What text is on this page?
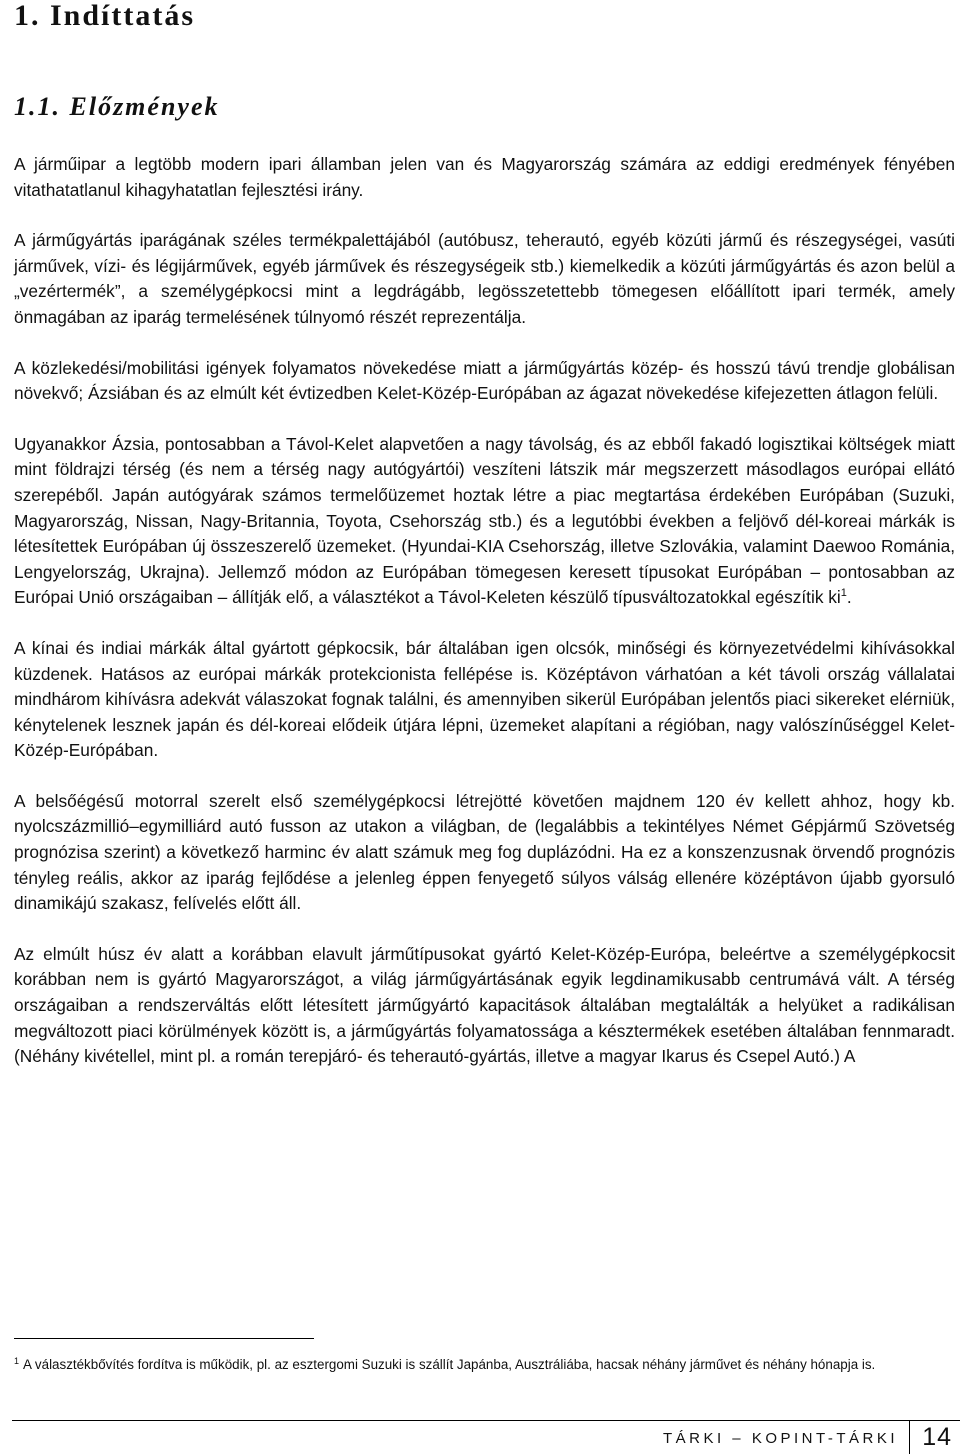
1. Indíttatás
1.1. Előzmények

A járműipar a legtöbb modern ipari államban jelen van és Magyarország számára az eddigi eredmények fényében vitathatatlanul kihagyhatatlan fejlesztési irány.

A járműgyártás iparágának széles termékpalettájából (autóbusz, teherautó, egyéb közúti jármű és részegységei, vasúti járművek, vízi- és légijárművek, egyéb járművek és részegységeik stb.) kiemelkedik a közúti járműgyártás és azon belül a „vezértermék”, a személygépkocsi mint a legdrágább, legösszetettebb tömegesen előállított ipari termék, amely önmagában az iparág termelésének túlnyomó részét reprezentálja.

A közlekedési/mobilitási igények folyamatos növekedése miatt a járműgyártás közép- és hosszú távú trendje globálisan növekvő; Ázsiában és az elmúlt két évtizedben Kelet-Közép-Európában az ágazat növekedése kifejezetten átlagon felüli.

Ugyanakkor Ázsia, pontosabban a Távol-Kelet alapvetően a nagy távolság, és az ebből fakadó logisztikai költségek miatt mint földrajzi térség (és nem a térség nagy autógyártói) veszíteni látszik már megszerzett másodlagos európai ellátó szerepéből. Japán autógyárak számos termelőüzemet hoztak létre a piac megtartása érdekében Európában (Suzuki, Magyarország, Nissan, Nagy-Britannia, Toyota, Csehország stb.) és a legutóbbi években a feljövő dél-koreai márkák is létesítettek Európában új összeszerelő üzemeket. (Hyundai-KIA Csehország, illetve Szlovákia, valamint Daewoo Románia, Lengyelország, Ukrajna). Jellemző módon az Európában tömegesen keresett típusokat Európában – pontosabban az Európai Unió országaiban – állítják elő, a választékot a Távol-Keleten készülő típusváltozatokkal egészítik $ki^1$.

A kínai és indiai márkák által gyártott gépkocsik, bár általában igen olcsók, minőségi és környezetvédelmi kihívásokkal küzdenek. Hatásos az európai márkák protekcionista fellépése is. Középtávon várhatóan a két távoli ország vállalatai mindhárom kihívásra adekvát válaszokat fognak találni, és amennyiben sikerül Európában jelentős piaci sikereket elérniük, kénytelenek lesznek japán és dél-koreai elődeik útjára lépni, üzemeket alapítani a régióban, nagy valószínűséggel Kelet-Közép-Európában.

A belsőégésű motorral szerelt első személygépkocsi létrejötté követően majdnem 120 év kellett ahhoz, hogy kb. nyolcszázmillió–egymilliárd autó fusson az utakon a világban, de (legalábbis a tekintélyes Német Gépjármű Szövetség prognózisa szerint) a következő harminc év alatt számuk meg fog duplázódni. Ha ez a konszenzusnak örvendő prognózis tényleg reális, akkor az iparág fejlődése a jelenleg éppen fenyegető súlyos válság ellenére középtávon újabb gyorsuló dinamikájú szakasz, felívelés előtt áll.

Az elmúlt húsz év alatt a korábban elavult járműtípusokat gyártó Kelet-Közép-Európa, beleértve a személygépkocsit korábban nem is gyártó Magyarországot, a világ járműgyártásának egyik legdinamikusabb centrumává vált. A térség országaiban a rendszerváltás előtt létesített járműgyártó kapacitások általában megtalálták a helyüket a radikálisan megváltozott piaci körülmények között is, a járműgyártás folyamatossága a késztermékek esetében általában fennmaradt. (Néhány kivétellel, mint pl. a román terepjáró- és teherautó-gyártás, illetve a magyar Ikarus és Csepel Autó.) A

$^1$ A választékbővítés fordítva is működik, pl. az esztergomi Suzuki is szállít Japánba, Ausztráliába, hacsak néhány járművet és néhány hónapja is.
TÁRKI – KOPINT-TÁRKI 14
